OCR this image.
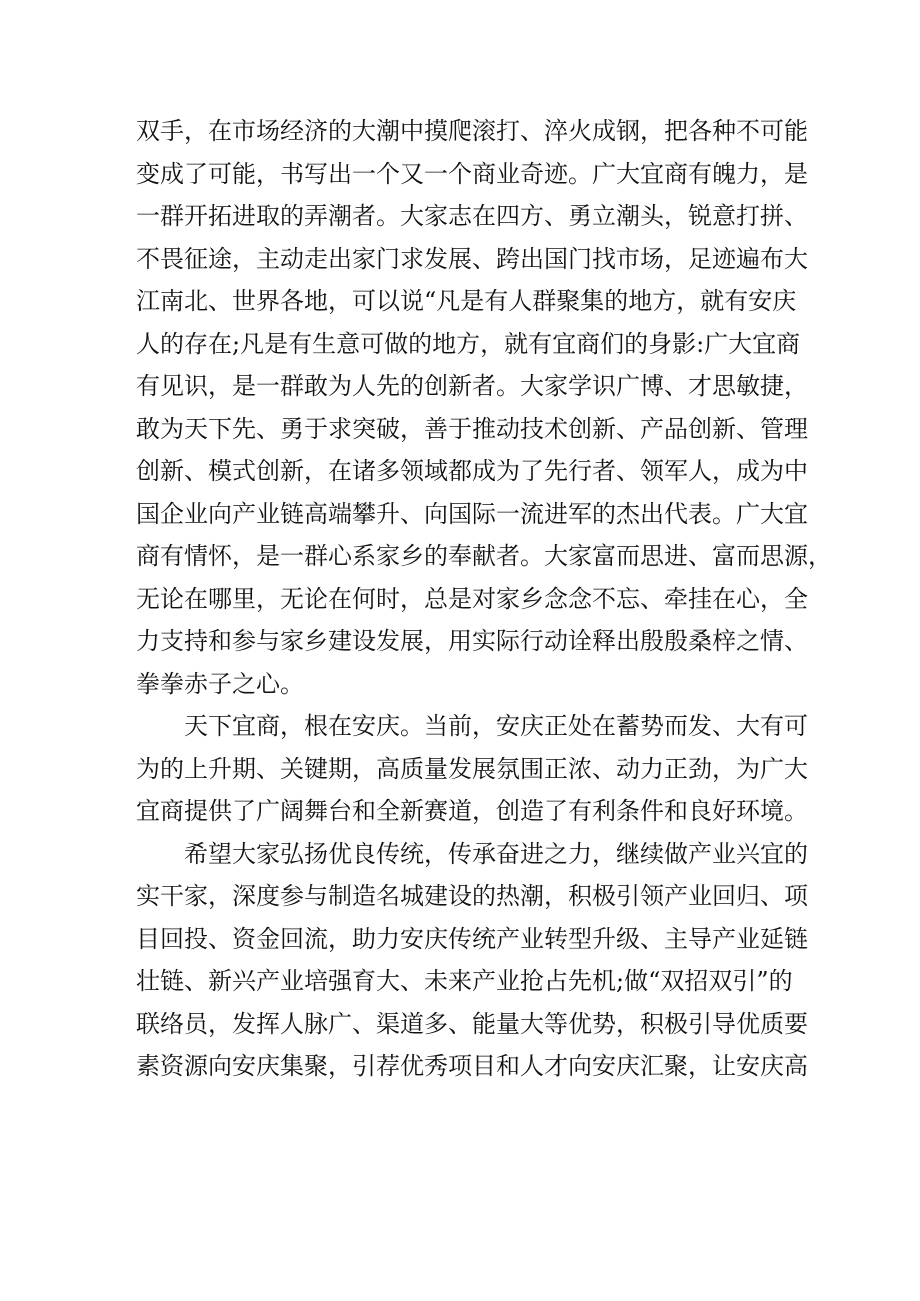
双手，在市场经济的大潮中摸爬滚打、淬火成钢，把各种不可能
变成了可能，书写出一个又一个商业奇迹。广大宜商有魄力，是
一群开拓进取的弄潮者。大家志在四方、勇立潮头，锐意打拼、
不畏征途，主动走出家门求发展、跨出国门找市场，足迹遍布大
江南北、世界各地，可以说“凡是有人群聚集的地方，就有安庆
人的存在;凡是有生意可做的地方，就有宜商们的身影:广大宜商
有见识，是一群敢为人先的创新者。大家学识广博、才思敏捷，
敢为天下先、勇于求突破，善于推动技术创新、产品创新、管理
创新、模式创新，在诸多领域都成为了先行者、领军人，成为中
国企业向产业链高端攀升、向国际一流进军的杰出代表。广大宜
商有情怀，是一群心系家乡的奉献者。大家富而思进、富而思源，
无论在哪里，无论在何时，总是对家乡念念不忘、牵挂在心，全
力支持和参与家乡建设发展，用实际行动诠释出殷殷桑梓之情、
拳拳赤子之心。
天下宜商，根在安庆。当前，安庆正处在蓄势而发、大有可
为的上升期、关键期，高质量发展氛围正浓、动力正劲，为广大
宜商提供了广阔舞台和全新赛道，创造了有利条件和良好环境。
希望大家弘扬优良传统，传承奋进之力，继续做产业兴宜的
实干家，深度参与制造名城建设的热潮，积极引领产业回归、项
目回投、资金回流，助力安庆传统产业转型升级、主导产业延链
壮链、新兴产业培强育大、未来产业抢占先机;做“双招双引”的
联络员，发挥人脉广、渠道多、能量大等优势，积极引导优质要
素资源向安庆集聚，引荐优秀项目和人才向安庆汇聚，让安庆高
